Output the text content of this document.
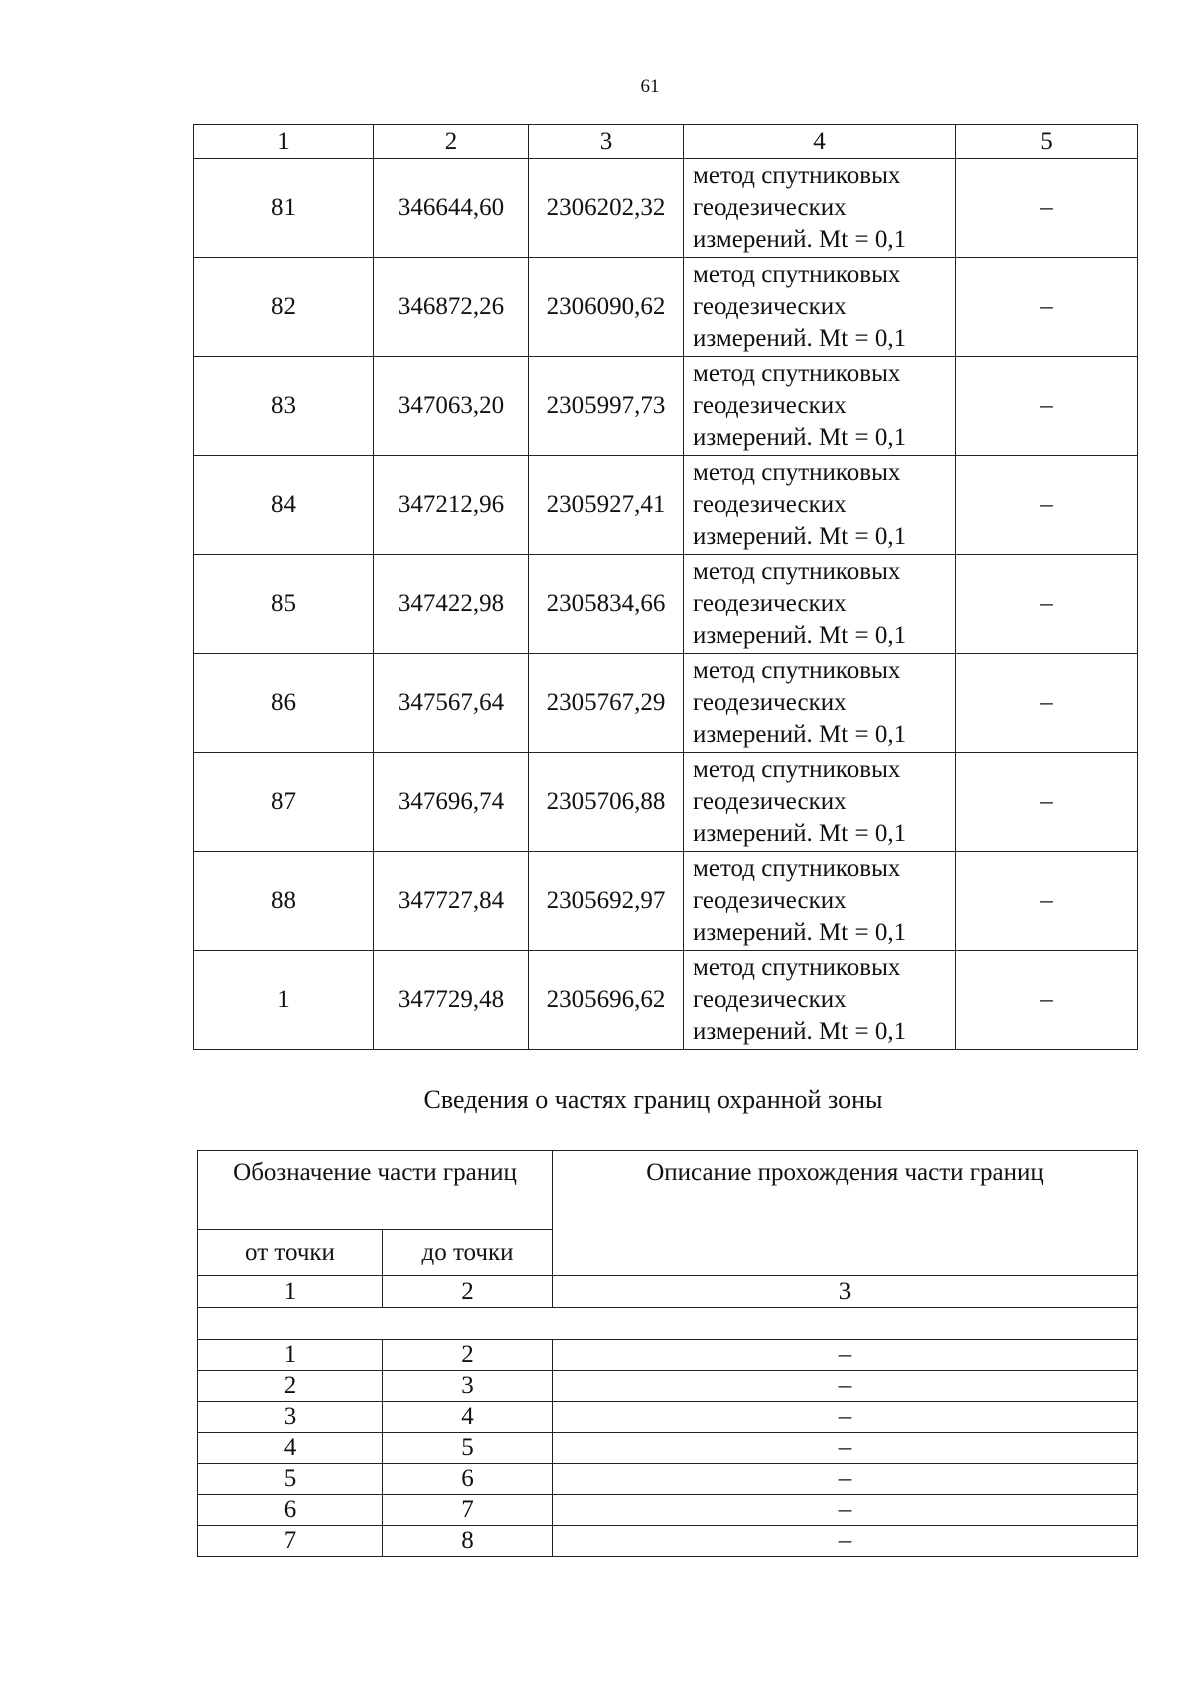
61
1	2	3	4	5
81	346644,60	2306202,32	метод спутниковых
геодезических
измерений. Mt = 0,1	–
82	346872,26	2306090,62	метод спутниковых
геодезических
измерений. Mt = 0,1	–
83	347063,20	2305997,73	метод спутниковых
геодезических
измерений. Mt = 0,1	–
84	347212,96	2305927,41	метод спутниковых
геодезических
измерений. Mt = 0,1	–
85	347422,98	2305834,66	метод спутниковых
геодезических
измерений. Mt = 0,1	–
86	347567,64	2305767,29	метод спутниковых
геодезических
измерений. Mt = 0,1	–
87	347696,74	2305706,88	метод спутниковых
геодезических
измерений. Mt = 0,1	–
88	347727,84	2305692,97	метод спутниковых
геодезических
измерений. Mt = 0,1	–
1	347729,48	2305696,62	метод спутниковых
геодезических
измерений. Mt = 0,1	–
Сведения о частях границ охранной зоны
Обозначение части границ		Описание прохождения части границ
от точки	до точки	
1	2	3

1	2	–
2	3	–
3	4	–
4	5	–
5	6	–
6	7	–
7	8	–
